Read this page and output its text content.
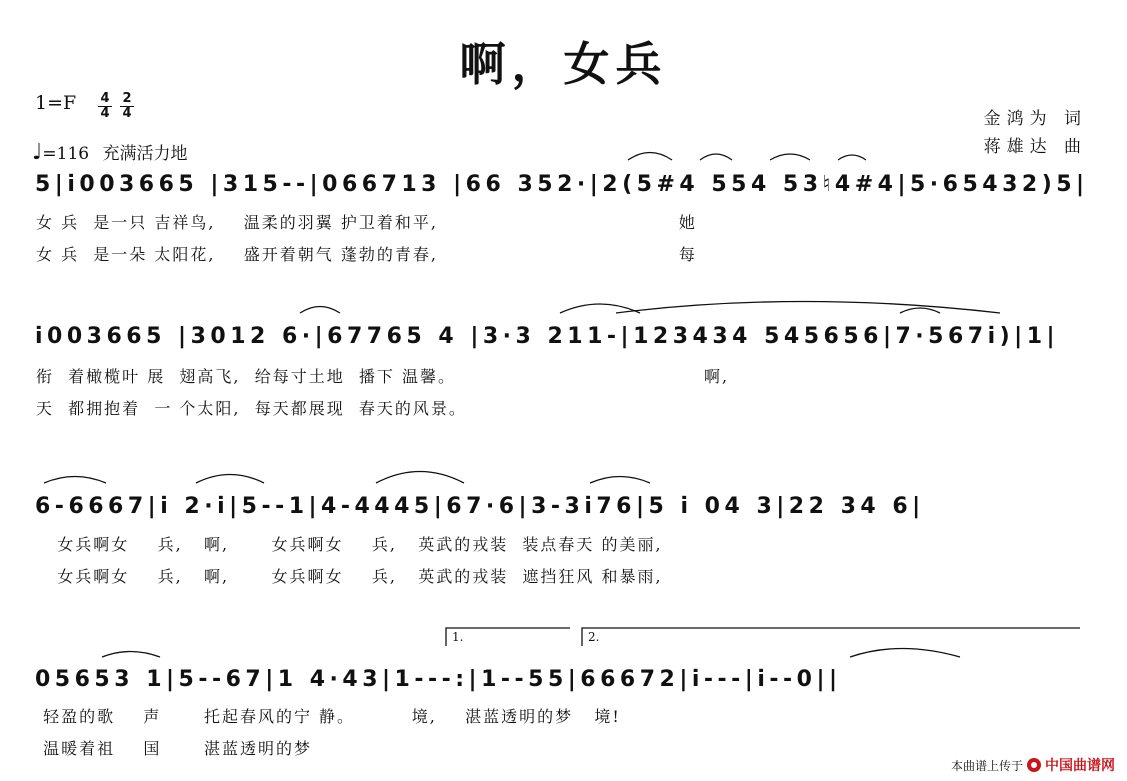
啊，女兵
$1=F \frac{4}{4} \frac{2}{4}$
♩=116 充满活力地
金鸿为 词
蒋雄达 曲
5|i̇003665 |315--|066713 |66 352·|2(5#4 554 53♮4#4|5·65432)5|
女 兵  是一只 吉祥鸟,    温柔的羽翼 护卫着和平,                                  她
女 兵  是一朵 太阳花,    盛开着朝气 蓬勃的青春,                                  每
i̇003665 |3012 6·|67765 4 |3·3 211-|123434 545656|7·567i̇)|1|
衔  着橄榄叶 展  翅高飞,  给每寸土地  播下 温馨。                                   啊,
天  都拥抱着  一 个太阳,  每天都展现  春天的风景。
6-6667|i̇ 2·i̇|5--1|4-4445|67·6|3-3i̇76|5 i̇ 04 3|22 34 6|
女兵啊女    兵,   啊,      女兵啊女    兵,   英武的戎装  装点春天 的美丽,
女兵啊女    兵,   啊,      女兵啊女    兵,   英武的戎装  遮挡狂风 和暴雨,
1.	2.
05653 1|5--67|1 4·43|1---:|1--55|66672|i̇---|i̇--0||
轻盈的歌    声      托起春风的宁 静。        境,    湛蓝透明的梦   境!
温暖着祖    国      湛蓝透明的梦
本曲谱上传于 中国曲谱网
